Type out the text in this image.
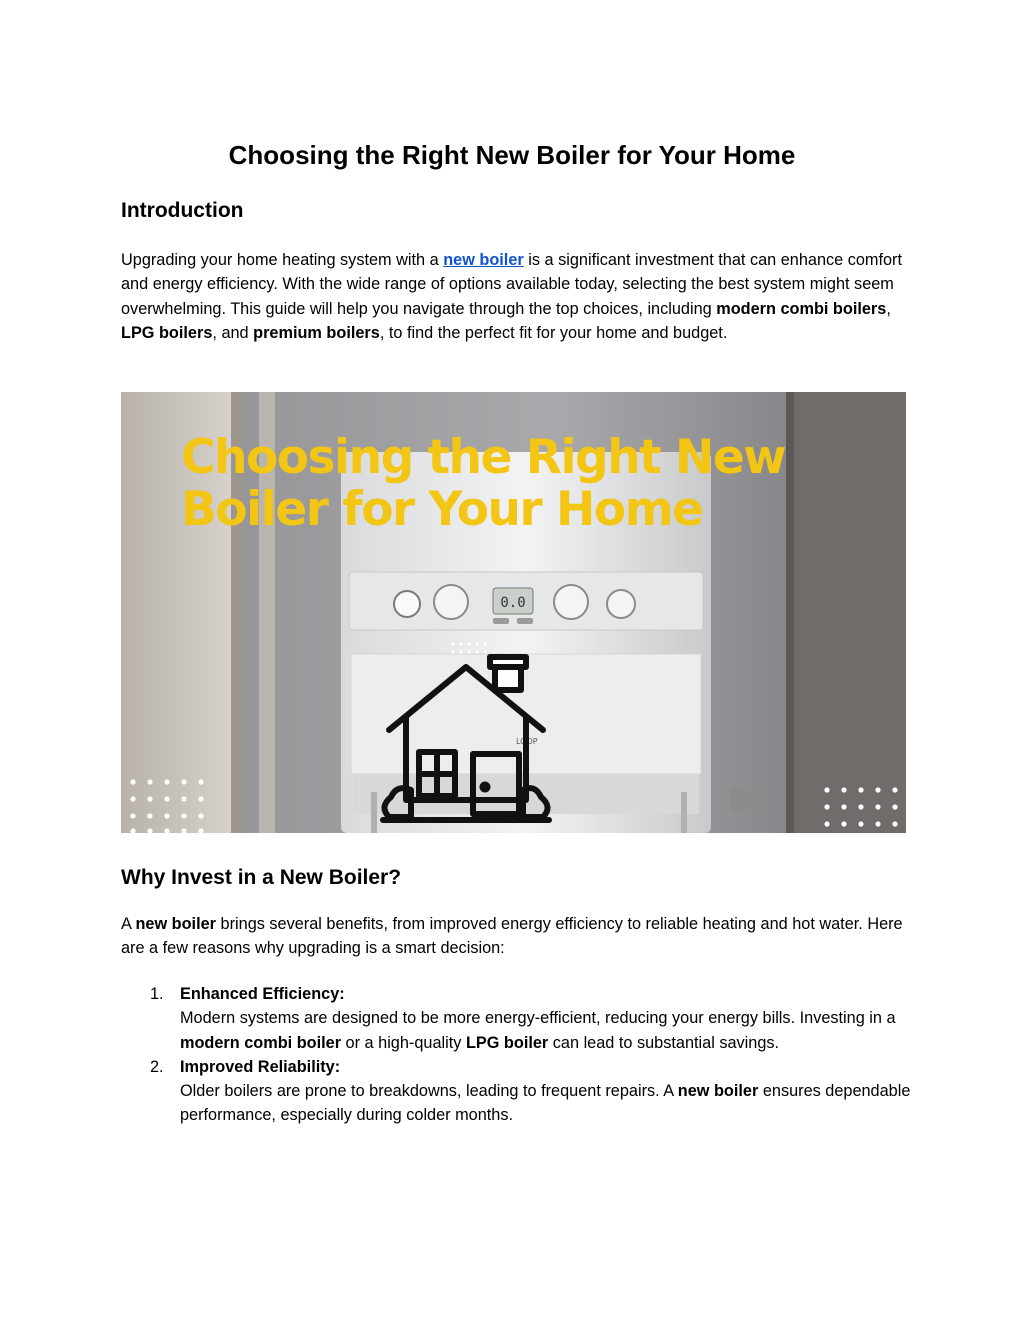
Choosing the Right New Boiler for Your Home
Introduction

Upgrading your home heating system with a new boiler is a significant investment that can enhance comfort and energy efficiency. With the wide range of options available today, selecting the best system might seem overwhelming. This guide will help you navigate through the top choices, including modern combi boilers, LPG boilers, and premium boilers, to find the perfect fit for your home and budget.

0.0
LOOP

Choosing the Right New
Boiler for Your Home

Why Invest in a New Boiler?

A new boiler brings several benefits, from improved energy efficiency to reliable heating and hot water. Here are a few reasons why upgrading is a smart decision:

1. Enhanced Efficiency:
Modern systems are designed to be more energy-efficient, reducing your energy bills. Investing in a modern combi boiler or a high-quality LPG boiler can lead to substantial savings.
2. Improved Reliability:
Older boilers are prone to breakdowns, leading to frequent repairs. A new boiler ensures dependable performance, especially during colder months.
